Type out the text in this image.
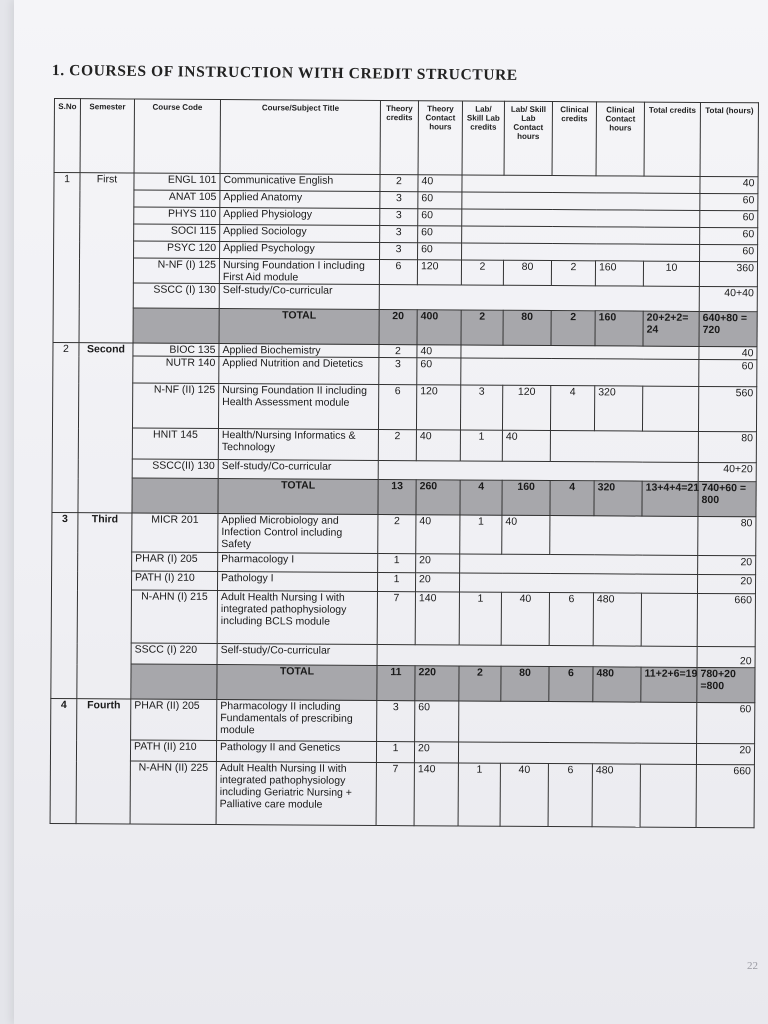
1. COURSES OF INSTRUCTION WITH CREDIT STRUCTURE
S.No	Semester	Course Code	Course/Subject Title	Theory credits	Theory Contact hours	Lab/ Skill Lab credits	Lab/ Skill Lab Contact hours	Clinical credits	Clinical Contact hours	Total credits	Total (hours)
1	First	ENGL 101	Communicative English	2	40						40
		ANAT 105	Applied Anatomy	3	60						60
		PHYS 110	Applied Physiology	3	60						60
		SOCI 115	Applied Sociology	3	60						60
		PSYC 120	Applied Psychology	3	60						60
		N-NF (I) 125	Nursing Foundation I including First Aid module	6	120	2	80	2	160	10	360
		SSCC (I) 130	Self-study/Co-curricular								40+40
			TOTAL	20	400	2	80	2	160	20+2+2= 24	640+80 = 720
2	Second	BIOC 135	Applied Biochemistry	2	40						40
		NUTR 140	Applied Nutrition and Dietetics	3	60						60
		N-NF (II) 125	Nursing Foundation II including Health Assessment module	6	120	3	120	4	320		560
		HNIT 145	Health/Nursing Informatics & Technology	2	40	1	40				80
		SSCC(II) 130	Self-study/Co-curricular								40+20
			TOTAL	13	260	4	160	4	320	13+4+4=21	740+60 = 800
3	Third	MICR 201	Applied Microbiology and Infection Control including Safety	2	40	1	40				80
		PHAR (I) 205	Pharmacology I	1	20						20
		PATH (I) 210	Pathology I	1	20						20
		N-AHN (I) 215	Adult Health Nursing I with integrated pathophysiology including BCLS module	7	140	1	40	6	480		660
		SSCC (I) 220	Self-study/Co-curricular								20
			TOTAL	11	220	2	80	6	480	11+2+6=19	780+20 =800
4	Fourth	PHAR (II) 205	Pharmacology II including Fundamentals of prescribing module	3	60						60
		PATH (II) 210	Pathology II and Genetics	1	20						20
		N-AHN (II) 225	Adult Health Nursing II with integrated pathophysiology including Geriatric Nursing + Palliative care module	7	140	1	40	6	480		660
22
